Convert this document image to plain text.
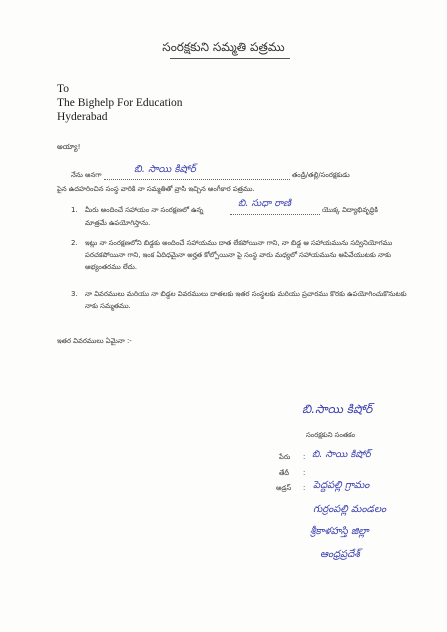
సంరక్షకుని సమ్మతి పత్రము
To
The Bighelp For Education
Hyderabad
అయ్యా!
నేను అనగా	బి. సాయి కిషోర్	తండ్రి/తల్లి/సంరక్షకుడు
పైన ఉదహరించిన సంస్థ వారికి నా సమ్మతితో వ్రాసి ఇచ్చిన అంగీకార పత్రము.
1. మీరు అందించే సహాయం నా సంరక్షణలో ఉన్న
బి. సుధా రాణి
యొక్క విద్యాభివృద్ధికి
మాత్రమే ఉపయోగిస్తాను.
2. ఇట్లు నా సంరక్షణలోని బిడ్డకు అందించే సహాయము దాత లేకపోయినా గాని, నా బిడ్డ ఆ సహాయమును సద్వినియోగము పరచకపోయినా గాని, ఇంక ఏదిధమైనా అర్హత కోల్పోయినా పై సంస్థ వారు మధ్యలో సహాయమును ఆపివేయుటకు నాకు అభ్యంతరము లేదు.
3. నా వివరములు మరియు నా బిడ్డల వివరములు దాతలకు ఇతర సంస్థలకు మరియు ప్రచారము కొరకు ఉపయోగించుకొనుటకు నాకు సమ్మతము.
ఇతర వివరములు ఏమైనా :-
బి.సాయి కిషోర్
సంరక్షకుని సంతకం
పేరు : బి. సాయి కిషోర్
తేదీ :
అడ్రస్ : పెద్దపల్లి గ్రామం
గుర్రంపల్లి మండలం
శ్రీకాళహస్తి జిల్లా
ఆంధ్రప్రదేశ్
